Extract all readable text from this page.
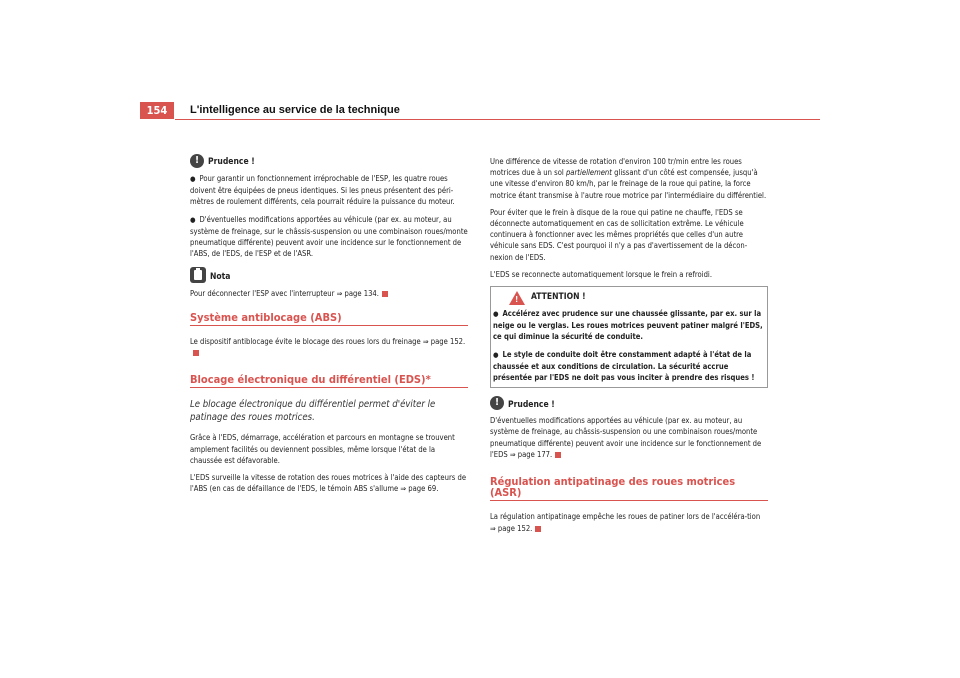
154	L'intelligence au service de la technique
!	Prudence !

● Pour garantir un fonctionnement irréprochable de l'ESP, les quatre roues doivent être équipées de pneus identiques. Si les pneus présentent des péri-mètres de roulement différents, cela pourrait réduire la puissance du moteur.

● D'éventuelles modifications apportées au véhicule (par ex. au moteur, au système de freinage, sur le châssis-suspension ou une combinaison roues/monte pneumatique différente) peuvent avoir une incidence sur le fonctionnement de l'ABS, de l'EDS, de l'ESP et de l'ASR.

Nota

Pour déconnecter l'ESP avec l'interrupteur ⇒ page 134.

Système antiblocage (ABS)

Le dispositif antiblocage évite le blocage des roues lors du freinage ⇒ page 152.

Blocage électronique du différentiel (EDS)*
Le blocage électronique du différentiel permet d'éviter le patinage des roues motrices.

Grâce à l'EDS, démarrage, accélération et parcours en montagne se trouvent amplement facilités ou deviennent possibles, même lorsque l'état de la chaussée est défavorable.

L'EDS surveille la vitesse de rotation des roues motrices à l'aide des capteurs de l'ABS (en cas de défaillance de l'EDS, le témoin ABS s'allume ⇒ page 69.

Une différence de vitesse de rotation d'environ 100 tr/min entre les roues motrices due à un sol partiellement glissant d'un côté est compensée, jusqu'à une vitesse d'environ 80 km/h, par le freinage de la roue qui patine, la force motrice étant transmise à l'autre roue motrice par l'intermédiaire du différentiel.

Pour éviter que le frein à disque de la roue qui patine ne chauffe, l'EDS se déconnecte automatiquement en cas de sollicitation extrême. Le véhicule continuera à fonctionner avec les mêmes propriétés que celles d'un autre véhicule sans EDS. C'est pourquoi il n'y a pas d'avertissement de la décon-nexion de l'EDS.

L'EDS se reconnecte automatiquement lorsque le frein a refroidi.

! ATTENTION !

● Accélérez avec prudence sur une chaussée glissante, par ex. sur la neige ou le verglas. Les roues motrices peuvent patiner malgré l'EDS, ce qui diminue la sécurité de conduite.

● Le style de conduite doit être constamment adapté à l'état de la chaussée et aux conditions de circulation. La sécurité accrue présentée par l'EDS ne doit pas vous inciter à prendre des risques !

!	Prudence !

D'éventuelles modifications apportées au véhicule (par ex. au moteur, au système de freinage, au châssis-suspension ou une combinaison roues/monte pneumatique différente) peuvent avoir une incidence sur le fonctionnement de l'EDS ⇒ page 177.

Régulation antipatinage des roues motrices (ASR)

La régulation antipatinage empêche les roues de patiner lors de l'accéléra-tion ⇒ page 152.
